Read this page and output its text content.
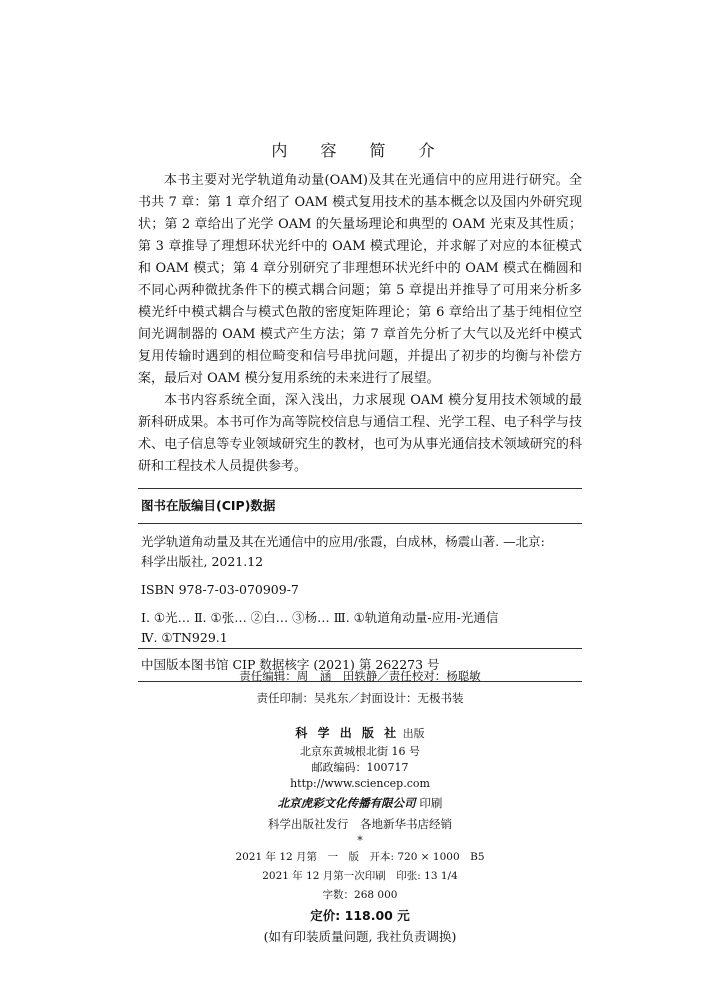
内 容 简 介

本书主要对光学轨道角动量(OAM)及其在光通信中的应用进行研究。全书共 7 章：第 1 章介绍了 OAM 模式复用技术的基本概念以及国内外研究现状；第 2 章给出了光学 OAM 的矢量场理论和典型的 OAM 光束及其性质；第 3 章推导了理想环状光纤中的 OAM 模式理论，并求解了对应的本征模式和 OAM 模式；第 4 章分别研究了非理想环状光纤中的 OAM 模式在椭圆和不同心两种微扰条件下的模式耦合问题；第 5 章提出并推导了可用来分析多模光纤中模式耦合与模式色散的密度矩阵理论；第 6 章给出了基于纯相位空间光调制器的 OAM 模式产生方法；第 7 章首先分析了大气以及光纤中模式复用传输时遇到的相位畸变和信号串扰问题，并提出了初步的均衡与补偿方案，最后对 OAM 模分复用系统的未来进行了展望。

本书内容系统全面，深入浅出，力求展现 OAM 模分复用技术领域的最新科研成果。本书可作为高等院校信息与通信工程、光学工程、电子科学与技术、电子信息等专业领域研究生的教材，也可为从事光通信技术领域研究的科研和工程技术人员提供参考。

图书在版编目(CIP)数据
光学轨道角动量及其在光通信中的应用/张霞，白成林，杨震山著. —北京:
科学出版社, 2021.12
ISBN 978-7-03-070909-7
Ⅰ. ①光… Ⅱ. ①张… ②白… ③杨… Ⅲ. ①轨道角动量-应用-光通信
Ⅳ. ①TN929.1
中国版本图书馆 CIP 数据核字 (2021) 第 262273 号
责任编辑：周　涵　田轶静／责任校对：杨聪敏
责任印制：吴兆东／封面设计：无极书装
科 学 出 版 社 出版
北京东黄城根北街 16 号
邮政编码：100717
http://www.sciencep.com
北京虎彩文化传播有限公司 印刷
科学出版社发行　各地新华书店经销
*
2021 年 12 月第　一　版　开本: 720 × 1000　B5
2021 年 12 月第一次印刷　印张: 13 1/4
字数：268 000
定价: 118.00 元
(如有印装质量问题, 我社负责调换)
